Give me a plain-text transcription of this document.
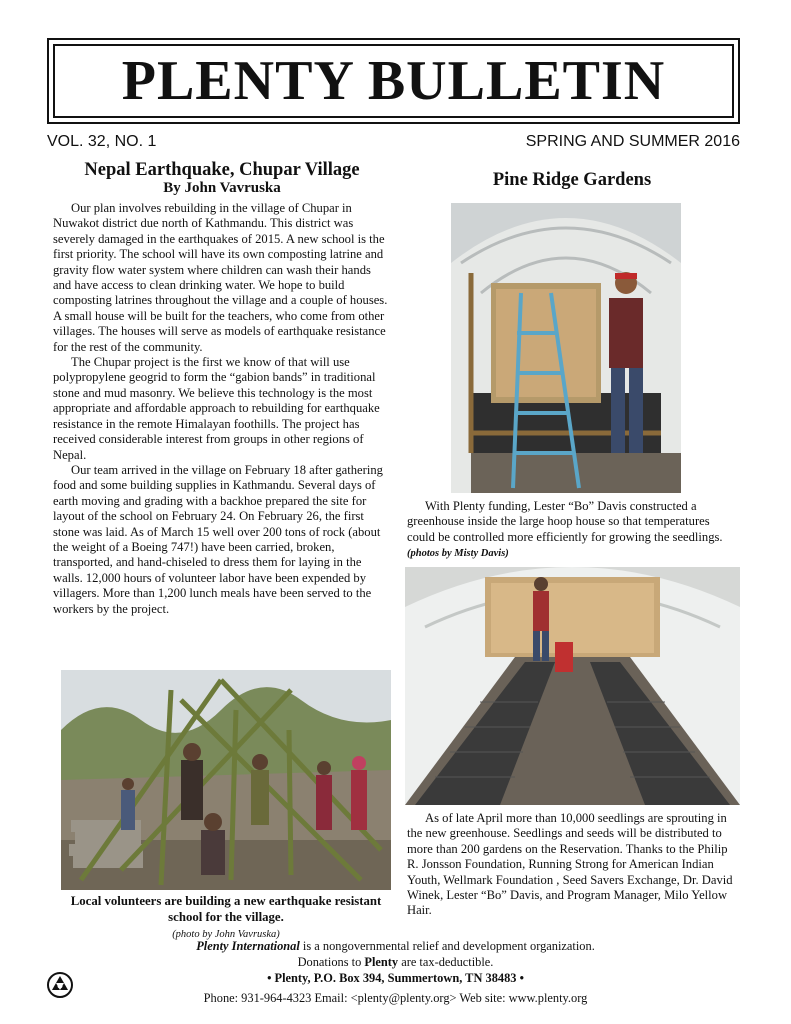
PLENTY BULLETIN
VOL. 32, NO. 1	SPRING AND SUMMER 2016
Nepal Earthquake, Chupar Village
By John Vavruska

Our plan involves rebuilding in the village of Chupar in Nuwakot district due north of Kathmandu. This district was severely damaged in the earthquakes of 2015. A new school is the first priority. The school will have its own composting latrine and gravity flow water system where children can wash their hands and have access to clean drinking water. We hope to build composting latrines throughout the village and a couple of houses. A small house will be built for the teachers, who come from other villages. The houses will serve as models of earthquake resistance for the rest of the community.

The Chupar project is the first we know of that will use polypropylene geogrid to form the “gabion bands” in traditional stone and mud masonry. We believe this technology is the most appropriate and affordable approach to rebuilding for earthquake resistance in the remote Himalayan foothills. The project has received considerable interest from groups in other regions of Nepal.

Our team arrived in the village on February 18 after gathering food and some building supplies in Kathmandu. Several days of earth moving and grading with a backhoe prepared the site for layout of the school on February 24. On February 26, the first stone was laid. As of March 15 well over 200 tons of rock (about the weight of a Boeing 747!) have been carried, broken, transported, and hand-chiseled to dress them for laying in the walls. 12,000 hours of volunteer labor have been expended by villagers. More than 1,200 lunch meals have been served to the workers by the project.

Local volunteers are building a new earthquake resistant school for the village.
(photo by John Vavruska)
Pine Ridge Gardens
With Plenty funding, Lester “Bo” Davis constructed a greenhouse inside the large hoop house so that temperatures could be controlled more efficiently for growing the seedlings. (photos by Misty Davis)
As of late April more than 10,000 seedlings are sprouting in the new greenhouse. Seedlings and seeds will be distributed to more than 200 gardens on the Reservation. Thanks to the Philip R. Jonsson Foundation, Running Strong for American Indian Youth, Wellmark Foundation , Seed Savers Exchange, Dr. David Winek, Lester “Bo” Davis, and Program Manager, Milo Yellow Hair.
Plenty International is a nongovernmental relief and development organization.
Donations to Plenty are tax-deductible.
• Plenty, P.O. Box 394, Summertown, TN 38483 •
Phone: 931-964-4323 Email: <plenty@plenty.org> Web site: www.plenty.org
